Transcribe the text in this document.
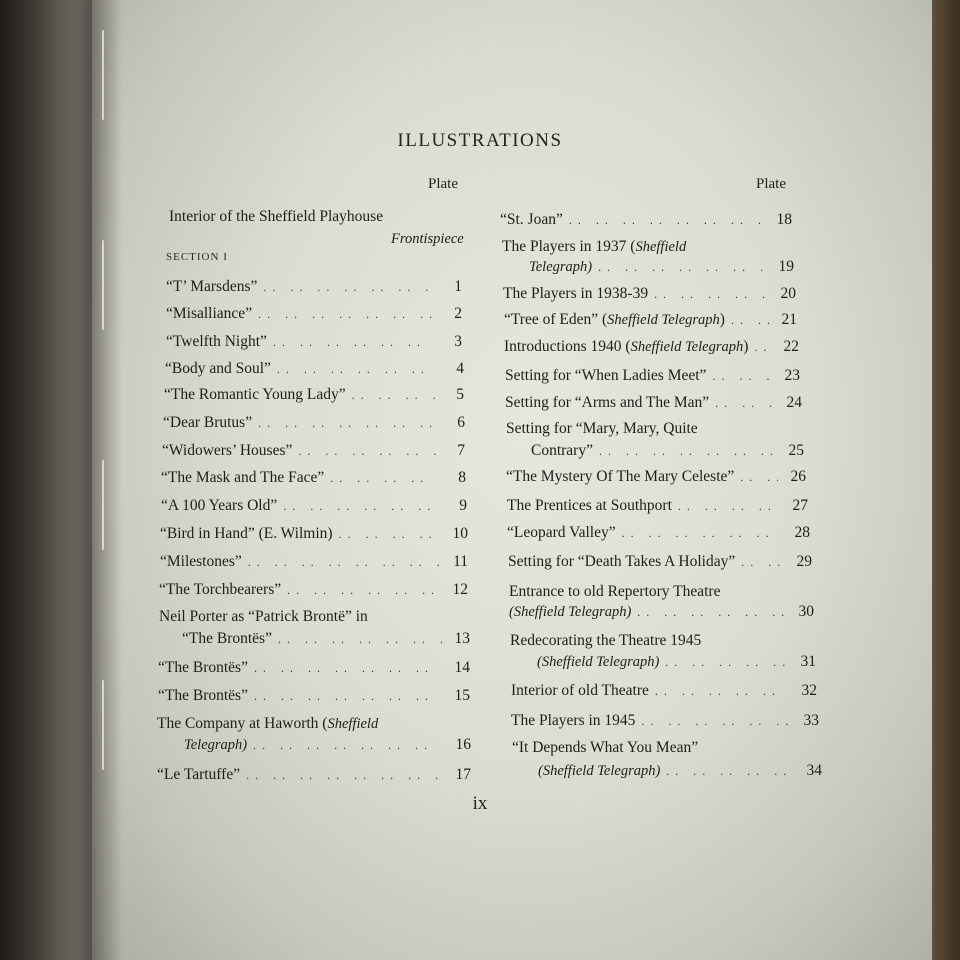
ILLUSTRATIONS
Plate	Plate
Interior of the Sheffield Playhouse
Frontispiece
SECTION I
“T’ Marsdens” .. ..	1
“Misalliance” .. ..	2
“Twelfth Night” .. ..	3
“Body and Soul” .. ..	4
“The Romantic Young Lady” .. ..	5
“Dear Brutus” .. ..	6
“Widowers’ Houses” .. ..	7
“The Mask and The Face” .. ..	8
“A 100 Years Old” .. ..	9
“Bird in Hand” (E. Wilmin) .. ..	10
“Milestones” .. ..	11
“The Torchbearers” .. ..	12
Neil Porter as “Patrick Brontë” in
“The Brontës” .. ..	13
“The Brontës” .. ..	14
“The Brontës” .. ..	15
The Company at Haworth (Sheffield
Telegraph) .. ..	16
“Le Tartuffe” .. ..	17
“St. Joan” .. ..	18
The Players in 1937 (Sheffield
Telegraph) .. ..	19
The Players in 1938-39 .. ..	20
“Tree of Eden” (Sheffield Telegraph) .. ..	21
Introductions 1940 (Sheffield Telegraph) .. ..	22
Setting for “When Ladies Meet” .. ..	23
Setting for “Arms and The Man” .. ..	24
Setting for “Mary, Mary, Quite
Contrary” .. ..	25
“The Mystery Of The Mary Celeste” .. ..	26
The Prentices at Southport .. ..	27
“Leopard Valley” .. ..	28
Setting for “Death Takes A Holiday” .. ..	29
Entrance to old Repertory Theatre
(Sheffield Telegraph) .. ..	30
Redecorating the Theatre 1945
(Sheffield Telegraph) .. ..	31
Interior of old Theatre .. ..	32
The Players in 1945 .. ..	33
“It Depends What You Mean”
(Sheffield Telegraph) .. ..	34
ix
